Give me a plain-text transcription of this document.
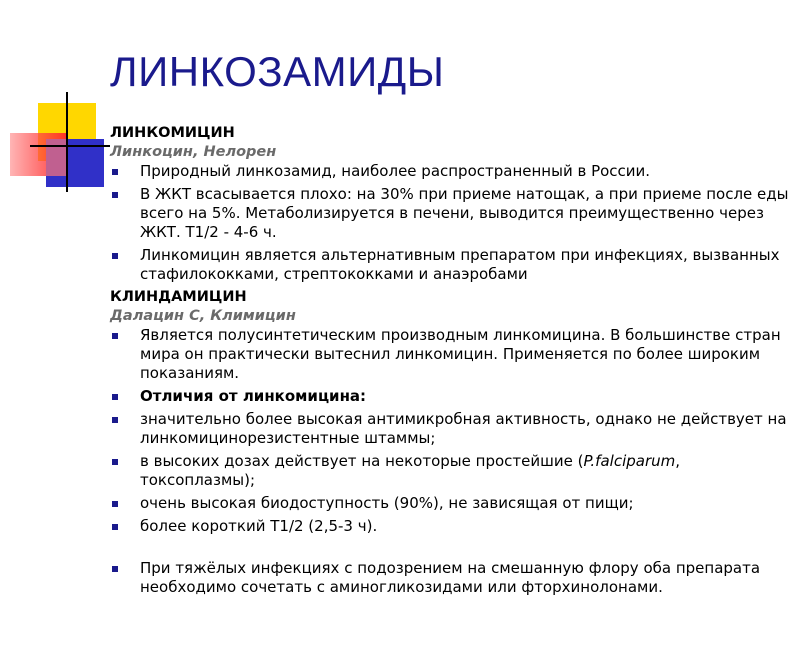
ЛИНКОЗАМИДЫ
ЛИНКОМИЦИН
Линкоцин, Нелорен
Природный линкозамид, наиболее распространенный в России.
В ЖКТ всасывается плохо: на 30% при приеме натощак, а при приеме после еды всего на 5%. Метаболизируется в печени, выводится преимущественно через ЖКТ. Т1/2 - 4-6 ч.
Линкомицин является альтернативным препаратом при инфекциях, вызванных стафилококками, стрептококками и анаэробами
КЛИНДАМИЦИН
Далацин С, Климицин
Является полусинтетическим производным линкомицина. В большинстве стран мира он практически вытеснил линкомицин. Применяется по более широким показаниям.
Отличия от линкомицина:
значительно более высокая антимикробная активность, однако не действует на линкомицинорезистентные штаммы;
в высоких дозах действует на некоторые простейшие (P.falciparum, токсоплазмы);
очень высокая биодоступность (90%), не зависящая от пищи;
более короткий Т1/2 (2,5-3 ч).
При тяжёлых инфекциях с подозрением на смешанную флору оба препарата необходимо сочетать с аминогликозидами или фторхинолонами.
